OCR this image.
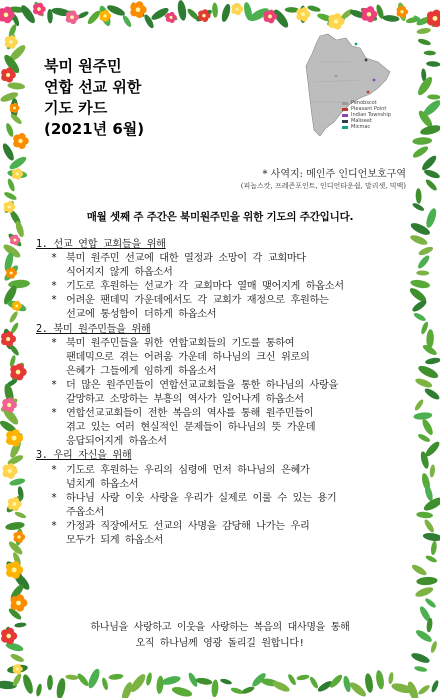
북미 원주민
연합 선교 위한
기도 카드
(2021년 6월)
Penobscot
Pleasant Point
Indian Township
Maliseet
Micmac
* 사역지: 메인주 인디언보호구역
(피놉스캇, 프레즌포인트, 인디언타운쉽, 말리셋, 믹맥)
매월 셋째 주 주간은 북미원주민을 위한 기도의 주간입니다.
1. 선교 연합 교회들을 위해
* 북미 원주민 선교에 대한 열정과 소망이 각 교회마다
식어지지 않게 하옵소서
* 기도로 후원하는 선교가 각 교회마다 열매 맺어지게 하옵소서
* 어려운 팬데믹 가운데에서도 각 교회가 재정으로 후원하는
선교에 통성함이 더하게 하옵소서
2. 북미 원주민들을 위해
* 북미 원주민들을 위한 연합교회들의 기도를 통하여
팬데믹으로 겪는 어려움 가운데 하나님의 크신 위로의
은혜가 그들에게 임하게 하옵소서
* 더 많은 원주민들이 연합선교교회들을 통한 하나님의 사랑을
갈망하고 소망하는 부흥의 역사가 일어나게 하옵소서
* 연합선교교회들이 전한 복음의 역사를 통해 원주민들이
겪고 있는 여러 현실적인 문제들이 하나님의 뜻 가운데
응답되어지게 하옵소서
3. 우리 자신을 위해
* 기도로 후원하는 우리의 심령에 먼저 하나님의 은혜가
넘치게 하옵소서
* 하나님 사랑 이웃 사랑을 우리가 실제로 이룰 수 있는 용기
주옵소서
* 가정과 직장에서도 선교의 사명을 감당해 나가는 우리
모두가 되게 하옵소서
하나님을 사랑하고 이웃을 사랑하는 복음의 대사명을 통해
오직 하나님께 영광 돌리길 원합니다!
